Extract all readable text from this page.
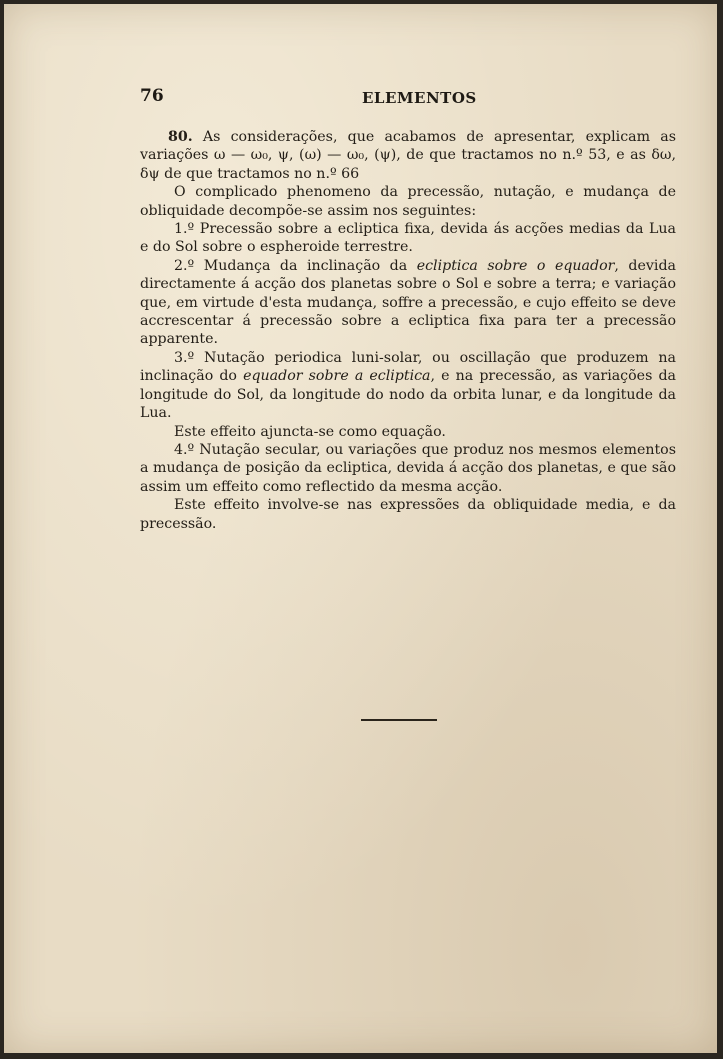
76	ELEMENTOS

80. As considerações, que acabamos de apresentar, explicam as variações ω — ω₀, ψ, (ω) — ω₀, (ψ), de que tractamos no n.º 53, e as δω, δψ de que tractamos no n.º 66

O complicado phenomeno da precessão, nutação, e mudança de obliquidade decompõe-se assim nos seguintes:

1.º Precessão sobre a ecliptica fixa, devida ás acções medias da Lua e do Sol sobre o espheroide terrestre.

2.º Mudança da inclinação da ecliptica sobre o equador, devida directamente á acção dos planetas sobre o Sol e sobre a terra; e variação que, em virtude d'esta mudança, soffre a precessão, e cujo effeito se deve accrescentar á precessão sobre a ecliptica fixa para ter a precessão apparente.

3.º Nutação periodica luni-solar, ou oscillação que produzem na inclinação do equador sobre a ecliptica, e na precessão, as variações da longitude do Sol, da longitude do nodo da orbita lunar, e da longitude da Lua.

Este effeito ajuncta-se como equação.

4.º Nutação secular, ou variações que produz nos mesmos elementos a mudança de posição da ecliptica, devida á acção dos planetas, e que são assim um effeito como reflectido da mesma acção.

Este effeito involve-se nas expressões da obliquidade media, e da precessão.
